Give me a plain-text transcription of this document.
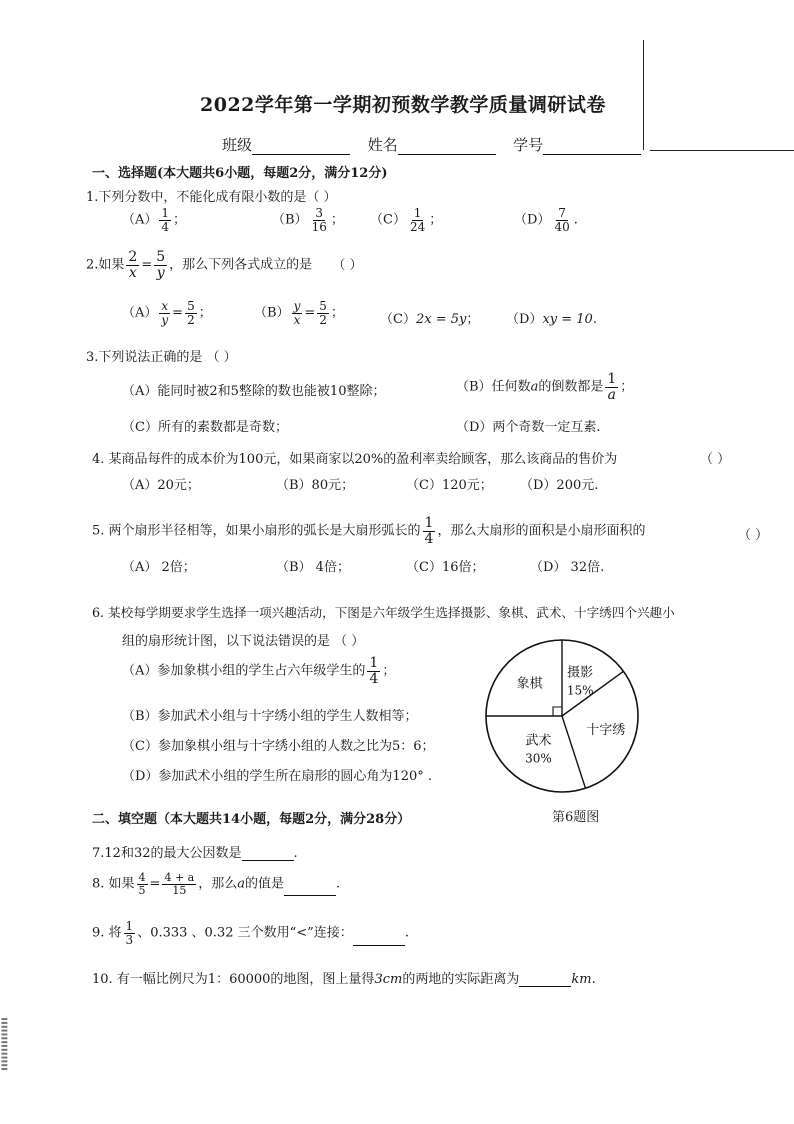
▌▌▌▌▌▌▌▌▌▌▌▌▌▌
2022学年第一学期初预数学教学质量调研试卷
班级	姓名	学号
一、选择题(本大题共6小题，每题2分，满分12分)
1.下列分数中，不能化成有限小数的是（ ）
$(A) \frac{1}{4}$ ；	$(B) \frac{3}{16}$ ； $(C) \frac{1}{24}$ ；	$(D) \frac{7}{40}$ .
2.如果 $\frac{2}{x} = \frac{5}{y}$ ，那么下列各式成立的是 （ ）
$(A) \frac{x}{y} = \frac{5}{2}$ ；	$(B) \frac{y}{x} = \frac{5}{2}$ ；	（C）2x = 5y； （D）xy = 10.
3.下列说法正确的是 （ ）
（A）能同时被2和5整除的数也能被10整除；	（B）任何数a的倒数都是 $\frac{1}{a}$ ；
（C）所有的素数都是奇数；	（D）两个奇数一定互素.
4. 某商品每件的成本价为100元，如果商家以20%的盈利率卖给顾客，那么该商品的售价为	（ ）
（A）20元；	（B）80元；	（C）120元； （D）200元.
5. 两个扇形半径相等，如果小扇形的弧长是大扇形弧长的 $\frac{1}{4}$ ，那么大扇形的面积是小扇形面积的	（ ）
（A） 2倍；	（B） 4倍；	（C）16倍；	（D） 32倍.
6. 某校每学期要求学生选择一项兴趣活动，下图是六年级学生选择摄影、象棋、武术、十字绣四个兴趣小
组的扇形统计图，以下说法错误的是 （ ）
（A）参加象棋小组的学生占六年级学生的 $\frac{1}{4}$ ；
（B）参加武术小组与十字绣小组的学生人数相等；
（C）参加象棋小组与十字绣小组的人数之比为5：6；
（D）参加武术小组的学生所在扇形的圆心角为120° .
摄影
15%
十字绣
武术
30%
象棋
第6题图
二、填空题（本大题共14小题，每题2分，满分28分）
7.12和32的最大公因数是	.
8. 如果 $\frac{4}{5} = \frac{4 + a}{15}$ ，那么a的值是	.
9. 将 $\frac{1}{3}$ 、0.333 、0.32 三个数用“<”连接：	.
10. 有一幅比例尺为1：60000的地图，图上量得3cm的两地的实际距离为	km.
